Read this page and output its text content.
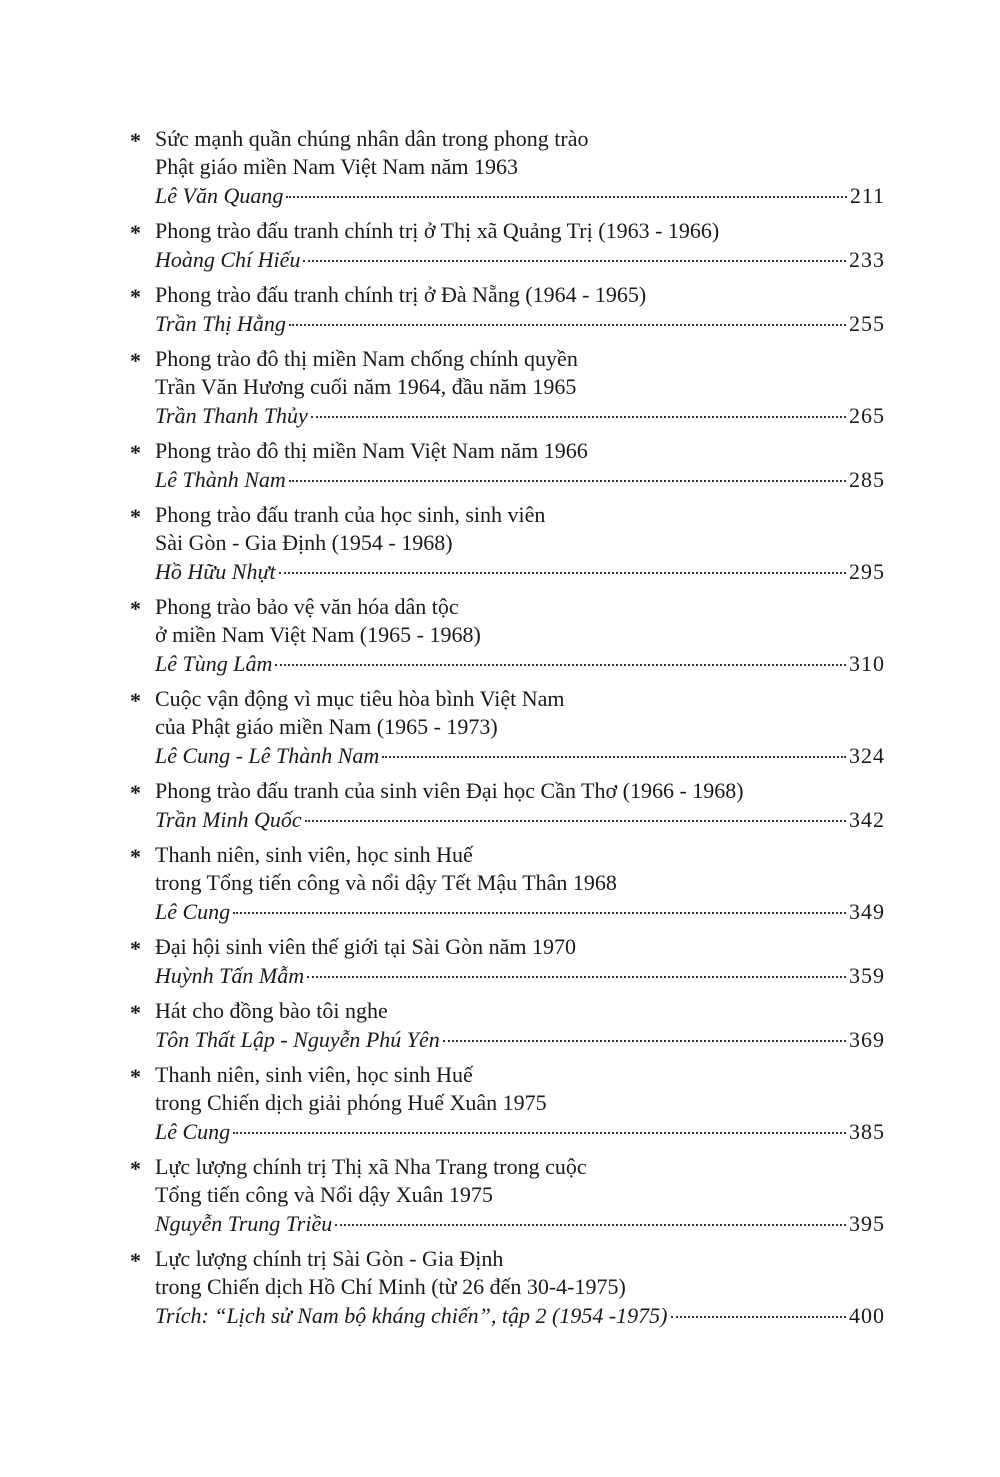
* Sức mạnh quần chúng nhân dân trong phong trào
Phật giáo miền Nam Việt Nam năm 1963
Lê Văn Quang	211
* Phong trào đấu tranh chính trị ở Thị xã Quảng Trị (1963 - 1966)
Hoàng Chí Hiếu	233
* Phong trào đấu tranh chính trị ở Đà Nẵng (1964 - 1965)
Trần Thị Hằng	255
* Phong trào đô thị miền Nam chống chính quyền
Trần Văn Hương cuối năm 1964, đầu năm 1965
Trần Thanh Thủy	265
* Phong trào đô thị miền Nam Việt Nam năm 1966
Lê Thành Nam	285
* Phong trào đấu tranh của học sinh, sinh viên
Sài Gòn - Gia Định (1954 - 1968)
Hồ Hữu Nhựt	295
* Phong trào bảo vệ văn hóa dân tộc
ở miền Nam Việt Nam (1965 - 1968)
Lê Tùng Lâm	310
* Cuộc vận động vì mục tiêu hòa bình Việt Nam
của Phật giáo miền Nam (1965 - 1973)
Lê Cung - Lê Thành Nam	324
* Phong trào đấu tranh của sinh viên Đại học Cần Thơ (1966 - 1968)
Trần Minh Quốc	342
* Thanh niên, sinh viên, học sinh Huế
trong Tổng tiến công và nổi dậy Tết Mậu Thân 1968
Lê Cung	349
* Đại hội sinh viên thế giới tại Sài Gòn năm 1970
Huỳnh Tấn Mẫm	359
* Hát cho đồng bào tôi nghe
Tôn Thất Lập - Nguyễn Phú Yên	369
* Thanh niên, sinh viên, học sinh Huế
trong Chiến dịch giải phóng Huế Xuân 1975
Lê Cung	385
* Lực lượng chính trị Thị xã Nha Trang trong cuộc
Tổng tiến công và Nổi dậy Xuân 1975
Nguyễn Trung Triều	395
* Lực lượng chính trị Sài Gòn - Gia Định
trong Chiến dịch Hồ Chí Minh (từ 26 đến 30-4-1975)
Trích: “Lịch sử Nam bộ kháng chiến”, tập 2 (1954 -1975)	400
